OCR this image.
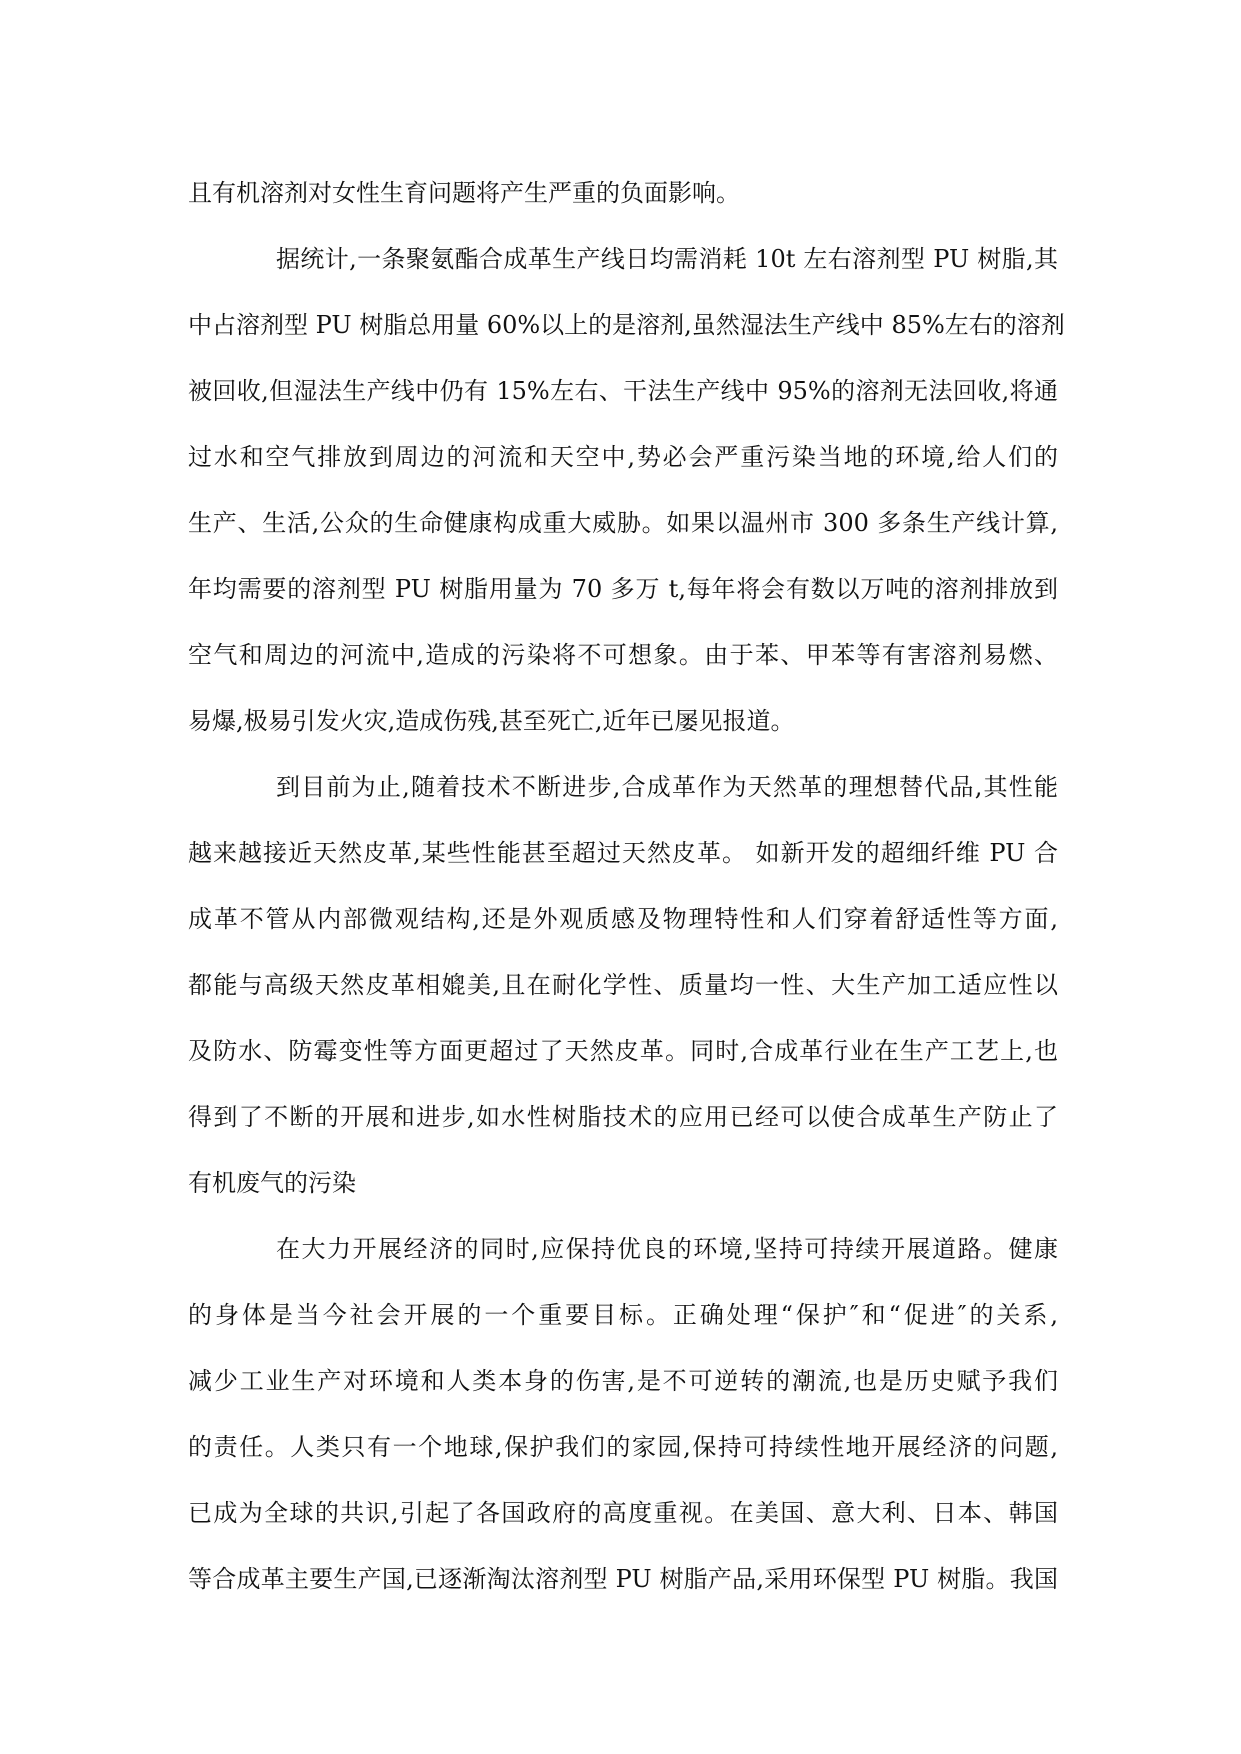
且有机溶剂对女性生育问题将产生严重的负面影响。
据统计,一条聚氨酯合成革生产线日均需消耗 10t 左右溶剂型 PU 树脂,其
中占溶剂型 PU 树脂总用量 60%以上的是溶剂,虽然湿法生产线中 85%左右的溶剂
被回收,但湿法生产线中仍有 15%左右、干法生产线中 95%的溶剂无法回收,将通
过水和空气排放到周边的河流和天空中,势必会严重污染当地的环境,给人们的
生产、生活,公众的生命健康构成重大威胁。如果以温州市 300 多条生产线计算,
年均需要的溶剂型 PU 树脂用量为 70 多万 t,每年将会有数以万吨的溶剂排放到
空气和周边的河流中,造成的污染将不可想象。由于苯、甲苯等有害溶剂易燃、
易爆,极易引发火灾,造成伤残,甚至死亡,近年已屡见报道。
到目前为止,随着技术不断进步,合成革作为天然革的理想替代品,其性能
越来越接近天然皮革,某些性能甚至超过天然皮革。 如新开发的超细纤维 PU 合
成革不管从内部微观结构,还是外观质感及物理特性和人们穿着舒适性等方面,
都能与高级天然皮革相媲美,且在耐化学性、质量均一性、大生产加工适应性以
及防水、防霉变性等方面更超过了天然皮革。同时,合成革行业在生产工艺上,也
得到了不断的开展和进步,如水性树脂技术的应用已经可以使合成革生产防止了
有机废气的污染
在大力开展经济的同时,应保持优良的环境,坚持可持续开展道路。健康
的身体是当今社会开展的一个重要目标。正确处理“保护″和“促进″的关系,
减少工业生产对环境和人类本身的伤害,是不可逆转的潮流,也是历史赋予我们
的责任。人类只有一个地球,保护我们的家园,保持可持续性地开展经济的问题,
已成为全球的共识,引起了各国政府的高度重视。在美国、意大利、日本、韩国
等合成革主要生产国,已逐渐淘汰溶剂型 PU 树脂产品,采用环保型 PU 树脂。我国
